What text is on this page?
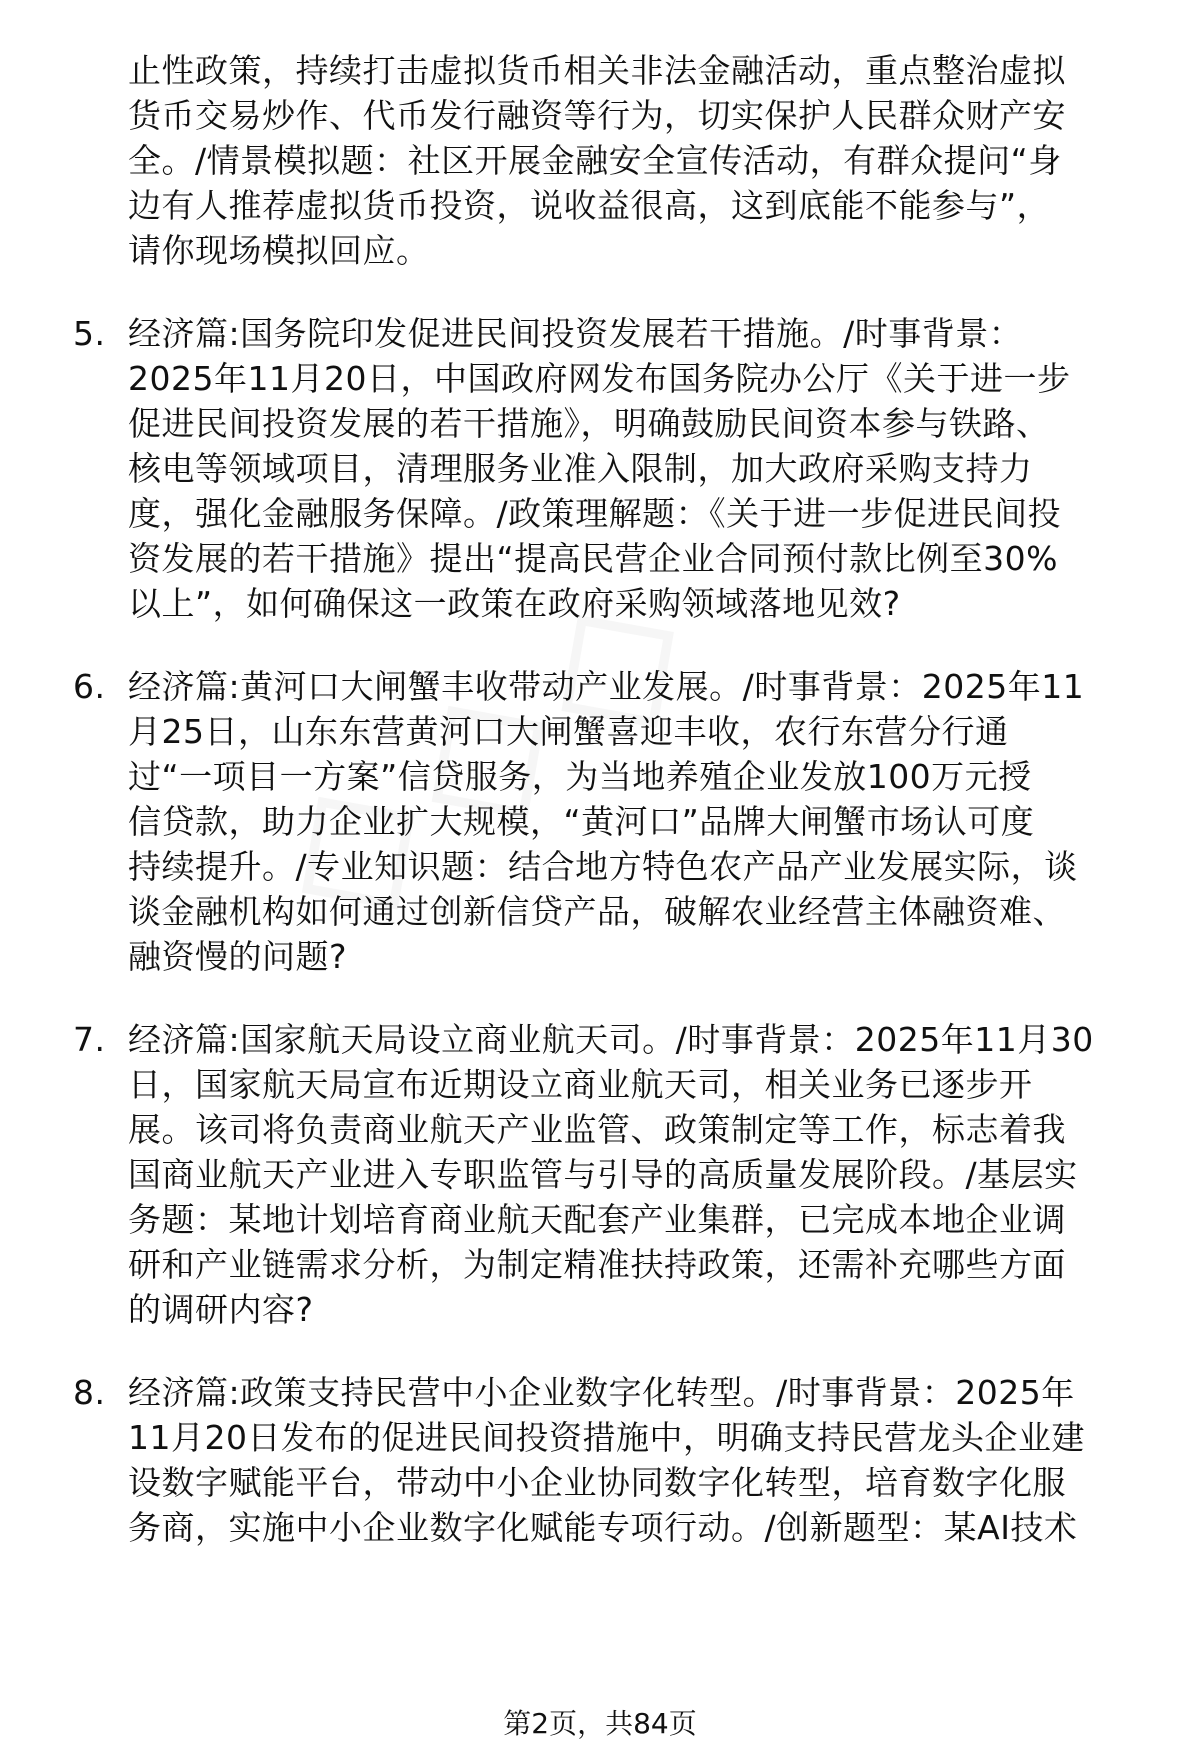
止性政策，持续打击虚拟货币相关非法金融活动，重点整治虚拟
货币交易炒作、代币发行融资等行为，切实保护人民群众财产安
全。/情景模拟题：社区开展金融安全宣传活动，有群众提问“身
边有人推荐虚拟货币投资，说收益很高，这到底能不能参与”，
请你现场模拟回应。
5. 经济篇:国务院印发促进民间投资发展若干措施。/时事背景：
2025年11月20日，中国政府网发布国务院办公厅《关于进一步
促进民间投资发展的若干措施》，明确鼓励民间资本参与铁路、
核电等领域项目，清理服务业准入限制，加大政府采购支持力
度，强化金融服务保障。/政策理解题：《关于进一步促进民间投
资发展的若干措施》提出“提高民营企业合同预付款比例至30%
以上”，如何确保这一政策在政府采购领域落地见效?
6. 经济篇:黄河口大闸蟹丰收带动产业发展。/时事背景：2025年11
月25日，山东东营黄河口大闸蟹喜迎丰收，农行东营分行通
过“一项目一方案”信贷服务，为当地养殖企业发放100万元授
信贷款，助力企业扩大规模，“黄河口”品牌大闸蟹市场认可度
持续提升。/专业知识题：结合地方特色农产品产业发展实际，谈
谈金融机构如何通过创新信贷产品，破解农业经营主体融资难、
融资慢的问题?
7. 经济篇:国家航天局设立商业航天司。/时事背景：2025年11月30
日，国家航天局宣布近期设立商业航天司，相关业务已逐步开
展。该司将负责商业航天产业监管、政策制定等工作，标志着我
国商业航天产业进入专职监管与引导的高质量发展阶段。/基层实
务题：某地计划培育商业航天配套产业集群，已完成本地企业调
研和产业链需求分析，为制定精准扶持政策，还需补充哪些方面
的调研内容?
8. 经济篇:政策支持民营中小企业数字化转型。/时事背景：2025年
11月20日发布的促进民间投资措施中，明确支持民营龙头企业建
设数字赋能平台，带动中小企业协同数字化转型，培育数字化服
务商，实施中小企业数字化赋能专项行动。/创新题型：某AI技术
第2页，共84页
